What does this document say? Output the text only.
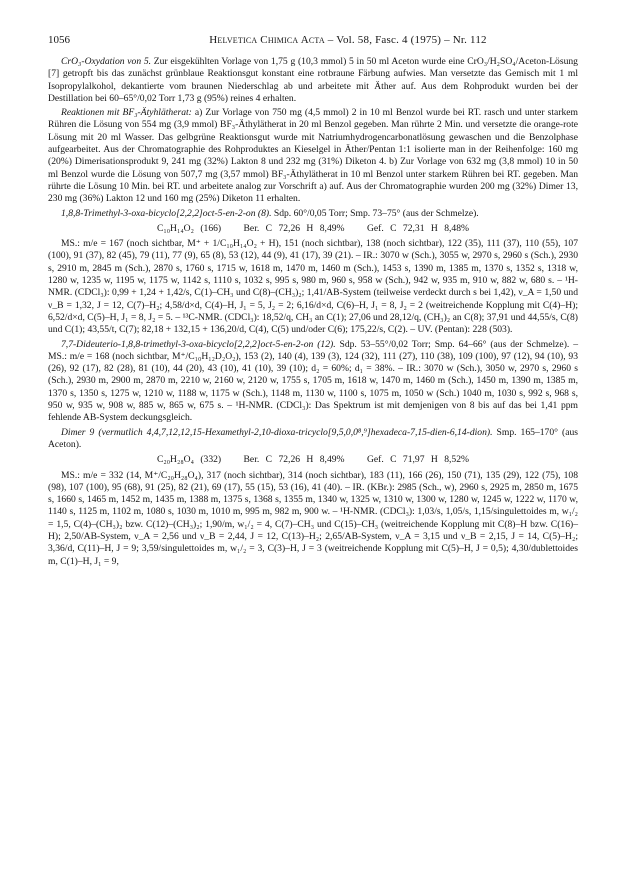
1056	Helvetica Chimica Acta – Vol. 58, Fasc. 4 (1975) – Nr. 112

CrO₃-Oxydation von 5. Zur eisgekühlten Vorlage von 1,75 g (10,3 mmol) 5 in 50 ml Aceton wurde eine CrO₃/H₂SO₄/Aceton-Lösung [7] getropft bis das zunächst grünblaue Reaktionsgut konstant eine rotbraune Färbung aufwies. Man versetzte das Gemisch mit 1 ml Isopropylalkohol, dekantierte vom braunen Niederschlag ab und arbeitete mit Äther auf. Aus dem Rohprodukt wurden bei der Destillation bei 60–65°/0,02 Torr 1,73 g (95%) reines 4 erhalten.

Reaktionen mit BF₃-Ätyhlätherat: a) Zur Vorlage von 750 mg (4,5 mmol) 2 in 10 ml Benzol wurde bei RT. rasch und unter starkem Rühren die Lösung von 554 mg (3,9 mmol) BF₃-Äthylätherat in 20 ml Benzol gegeben. Man rührte 2 Min. und versetzte die orange-rote Lösung mit 20 ml Wasser. Das gelbgrüne Reaktionsgut wurde mit Natriumhydrogencarbonatlösung gewaschen und die Benzolphase aufgearbeitet. Aus der Chromatographie des Rohproduktes an Kieselgel in Äther/Pentan 1:1 isolierte man in der Reihenfolge: 160 mg (20%) Dimerisationsprodukt 9, 241 mg (32%) Lakton 8 und 232 mg (31%) Diketon 4. b) Zur Vorlage von 632 mg (3,8 mmol) 10 in 50 ml Benzol wurde die Lösung von 507,7 mg (3,57 mmol) BF₃-Äthylätherat in 10 ml Benzol unter starkem Rühren bei RT. gegeben. Man rührte die Lösung 10 Min. bei RT. und arbeitete analog zur Vorschrift a) auf. Aus der Chromatographie wurden 200 mg (32%) Dimer 13, 230 mg (36%) Lakton 12 und 160 mg (25%) Diketon 11 erhalten.

1,8,8-Trimethyl-3-oxa-bicyclo[2,2,2]oct-5-en-2-on (8). Sdp. 60°/0,05 Torr; Smp. 73–75° (aus der Schmelze).

C₁₀H₁₄O₂ (166) Ber. C 72,26 H 8,49% Gef. C 72,31 H 8,48%

MS.: m/e = 167 (noch sichtbar, M⁺ + 1/C₁₀H₁₄O₂ + H), 151 (noch sichtbar), 138 (noch sichtbar), 122 (35), 111 (37), 110 (55), 107 (100), 91 (37), 82 (45), 79 (11), 77 (9), 65 (8), 53 (12), 44 (9), 41 (17), 39 (21). – IR.: 3070 w (Sch.), 3055 w, 2970 s, 2960 s (Sch.), 2930 s, 2910 m, 2845 m (Sch.), 2870 s, 1760 s, 1715 w, 1618 m, 1470 m, 1460 m (Sch.), 1453 s, 1390 m, 1385 m, 1370 s, 1352 s, 1318 w, 1280 w, 1235 w, 1195 w, 1175 w, 1142 s, 1110 s, 1032 s, 995 s, 980 m, 960 s, 958 w (Sch.), 942 w, 935 m, 910 w, 882 w, 680 s. – ¹H-NMR. (CDCl₃): 0,99 + 1,24 + 1,42/s, C(1)–CH₃ und C(8)–(CH₃)₂; 1,41/AB-System (teilweise verdeckt durch s bei 1,42), ν_A = 1,50 und ν_B = 1,32, J = 12, C(7)–H₂; 4,58/d×d, C(4)–H, J₁ = 5, J₂ = 2; 6,16/d×d, C(6)–H, J₁ = 8, J₂ = 2 (weitreichende Kopplung mit C(4)–H); 6,52/d×d, C(5)–H, J₁ = 8, J₂ = 5. – ¹³C-NMR. (CDCl₃): 18,52/q, CH₃ an C(1); 27,06 und 28,12/q, (CH₃)₂ an C(8); 37,91 und 44,55/s, C(8) und C(1); 43,55/t, C(7); 82,18 + 132,15 + 136,20/d, C(4), C(5) und/oder C(6); 175,22/s, C(2). – UV. (Pentan): 228 (503).

7,7-Dideuterio-1,8,8-trimethyl-3-oxa-bicyclo[2,2,2]oct-5-en-2-on (12). Sdp. 53–55°/0,02 Torr; Smp. 64–66° (aus der Schmelze). – MS.: m/e = 168 (noch sichtbar, M⁺/C₁₀H₁₂D₂O₂), 153 (2), 140 (4), 139 (3), 124 (32), 111 (27), 110 (38), 109 (100), 97 (12), 94 (10), 93 (26), 92 (17), 82 (28), 81 (10), 44 (20), 43 (10), 41 (10), 39 (10); d₂ = 60%; d₁ = 38%. – IR.: 3070 w (Sch.), 3050 w, 2970 s, 2960 s (Sch.), 2930 m, 2900 m, 2870 m, 2210 w, 2160 w, 2120 w, 1755 s, 1705 m, 1618 w, 1470 m, 1460 m (Sch.), 1450 m, 1390 m, 1385 m, 1370 s, 1350 s, 1275 w, 1210 w, 1188 w, 1175 w (Sch.), 1148 m, 1130 w, 1100 s, 1075 m, 1050 w (Sch.) 1040 m, 1030 s, 992 s, 968 s, 950 w, 935 w, 908 w, 885 w, 865 w, 675 s. – ¹H-NMR. (CDCl₃): Das Spektrum ist mit demjenigen von 8 bis auf das bei 1,41 ppm fehlende AB-System deckungsgleich.

Dimer 9 (vermutlich 4,4,7,12,12,15-Hexamethyl-2,10-dioxa-tricyclo[9,5,0,0⁸,⁹]hexadeca-7,15-dien-6,14-dion). Smp. 165–170° (aus Aceton).

C₂₀H₂₈O₄ (332) Ber. C 72,26 H 8,49% Gef. C 71,97 H 8,52%

MS.: m/e = 332 (14, M⁺/C₂₀H₂₈O₄), 317 (noch sichtbar), 314 (noch sichtbar), 183 (11), 166 (26), 150 (71), 135 (29), 122 (75), 108 (98), 107 (100), 95 (68), 91 (25), 82 (21), 69 (17), 55 (15), 53 (16), 41 (40). – IR. (KBr.): 2985 (Sch., w), 2960 s, 2925 m, 2850 m, 1675 s, 1660 s, 1465 m, 1452 m, 1435 m, 1388 m, 1375 s, 1368 s, 1355 m, 1340 w, 1325 w, 1310 w, 1300 w, 1280 w, 1245 w, 1222 w, 1170 w, 1140 s, 1125 m, 1102 m, 1080 s, 1030 m, 1010 m, 995 m, 982 m, 900 w. – ¹H-NMR. (CDCl₃): 1,03/s, 1,05/s, 1,15/singulettoides m, w₁/₂ = 1,5, C(4)–(CH₃)₂ bzw. C(12)–(CH₃)₂; 1,90/m, w₁/₂ = 4, C(7)–CH₃ und C(15)–CH₃ (weitreichende Kopplung mit C(8)–H bzw. C(16)–H); 2,50/AB-System, ν_A = 2,56 und ν_B = 2,44, J = 12, C(13)–H₂; 2,65/AB-System, ν_A = 3,15 und ν_B = 2,15, J = 14, C(5)–H₂; 3,36/d, C(11)–H, J = 9; 3,59/singulettoides m, w₁/₂ = 3, C(3)–H, J = 3 (weitreichende Kopplung mit C(5)–H, J = 0,5); 4,30/dublettoides m, C(1)–H, J₁ = 9,
